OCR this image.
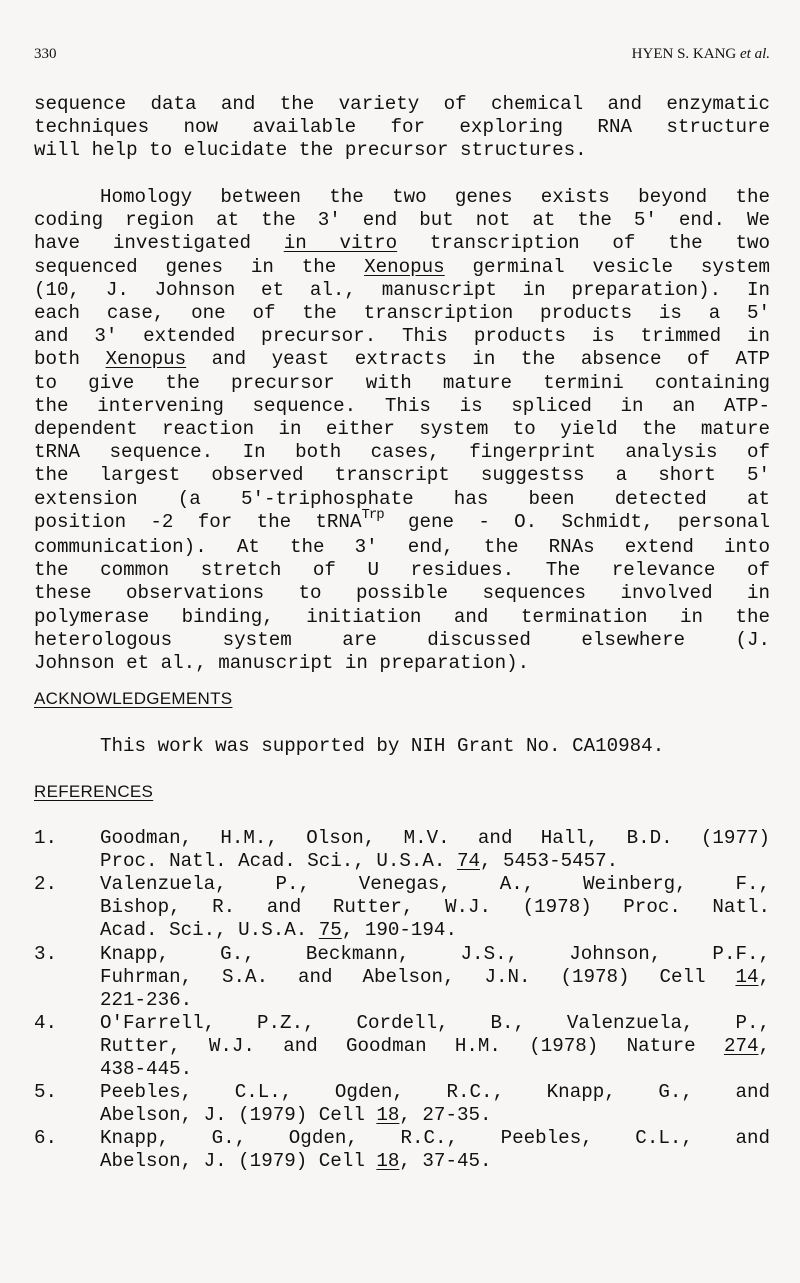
330	HYEN S. KANG et al.
sequence data and the variety of chemical and enzymatic
techniques now available for exploring RNA structure
will help to elucidate the precursor structures.
Homology between the two genes exists beyond the
coding region at the 3' end but not at the 5' end. We
have investigated in vitro transcription of the two
sequenced genes in the Xenopus germinal vesicle system
(10, J. Johnson et al., manuscript in preparation). In
each case, one of the transcription products is a 5'
and 3' extended precursor. This products is trimmed in
both Xenopus and yeast extracts in the absence of ATP
to give the precursor with mature termini containing
the intervening sequence. This is spliced in an ATP-
dependent reaction in either system to yield the mature
tRNA sequence. In both cases, fingerprint analysis of
the largest observed transcript suggestss a short 5'
extension (a 5'-triphosphate has been detected at
position -2 for the tRNA$^{Trp}$ gene - O. Schmidt, personal
communication). At the 3' end, the RNAs extend into
the common stretch of U residues. The relevance of
these observations to possible sequences involved in
polymerase binding, initiation and termination in the
heterologous system are discussed elsewhere (J.
Johnson et al., manuscript in preparation).
ACKNOWLEDGEMENTS
This work was supported by NIH Grant No. CA10984.
REFERENCES
1. Goodman, H.M., Olson, M.V. and Hall, B.D. (1977)
Proc. Natl. Acad. Sci., U.S.A. 74, 5453-5457.
2. Valenzuela, P., Venegas, A., Weinberg, F.,
Bishop, R. and Rutter, W.J. (1978) Proc. Natl.
Acad. Sci., U.S.A. 75, 190-194.
3. Knapp, G., Beckmann, J.S., Johnson, P.F.,
Fuhrman, S.A. and Abelson, J.N. (1978) Cell 14,
221-236.
4. O'Farrell, P.Z., Cordell, B., Valenzuela, P.,
Rutter, W.J. and Goodman H.M. (1978) Nature 274,
438-445.
5. Peebles, C.L., Ogden, R.C., Knapp, G., and
Abelson, J. (1979) Cell 18, 27-35.
6. Knapp, G., Ogden, R.C., Peebles, C.L., and
Abelson, J. (1979) Cell 18, 37-45.
